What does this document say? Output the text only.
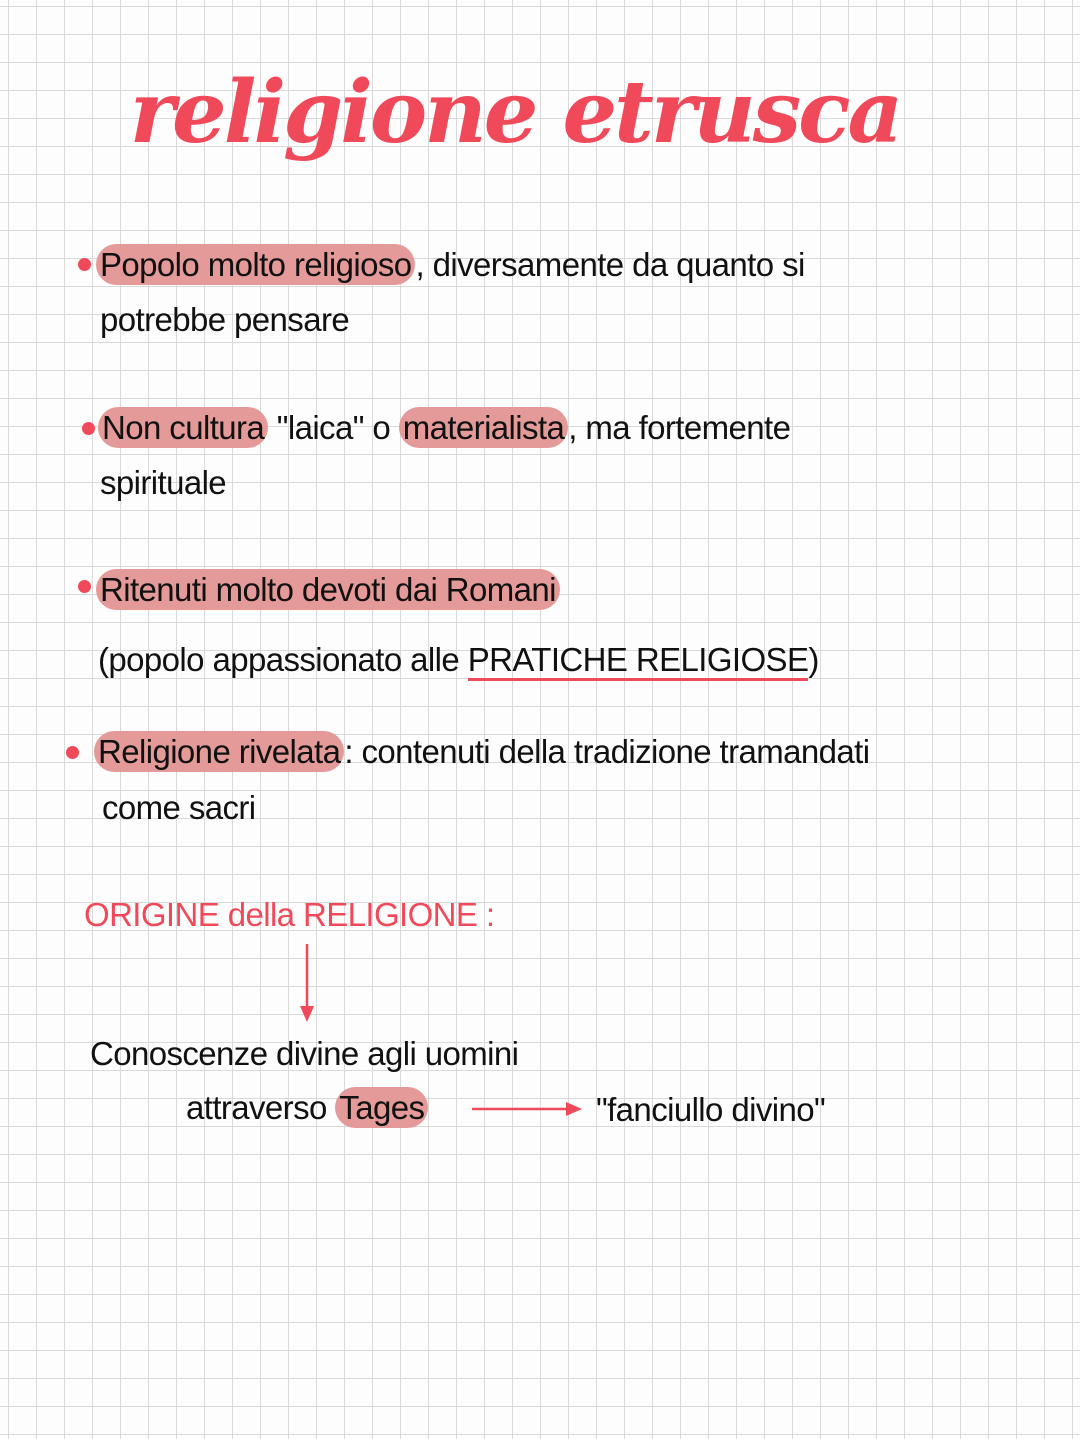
religione etrusca
Popolo molto religioso , diversamente da quanto si
potrebbe pensare
Non cultura "laica" o materialista , ma fortemente
spirituale
Ritenuti molto devoti dai Romani
(popolo appassionato alle PRATICHE RELIGIOSE)
Religione rivelata : contenuti della tradizione tramandati
come sacri
ORIGINE della RELIGIONE :
Conoscenze divine agli uomini
attraverso Tages	"fanciullo divino"
